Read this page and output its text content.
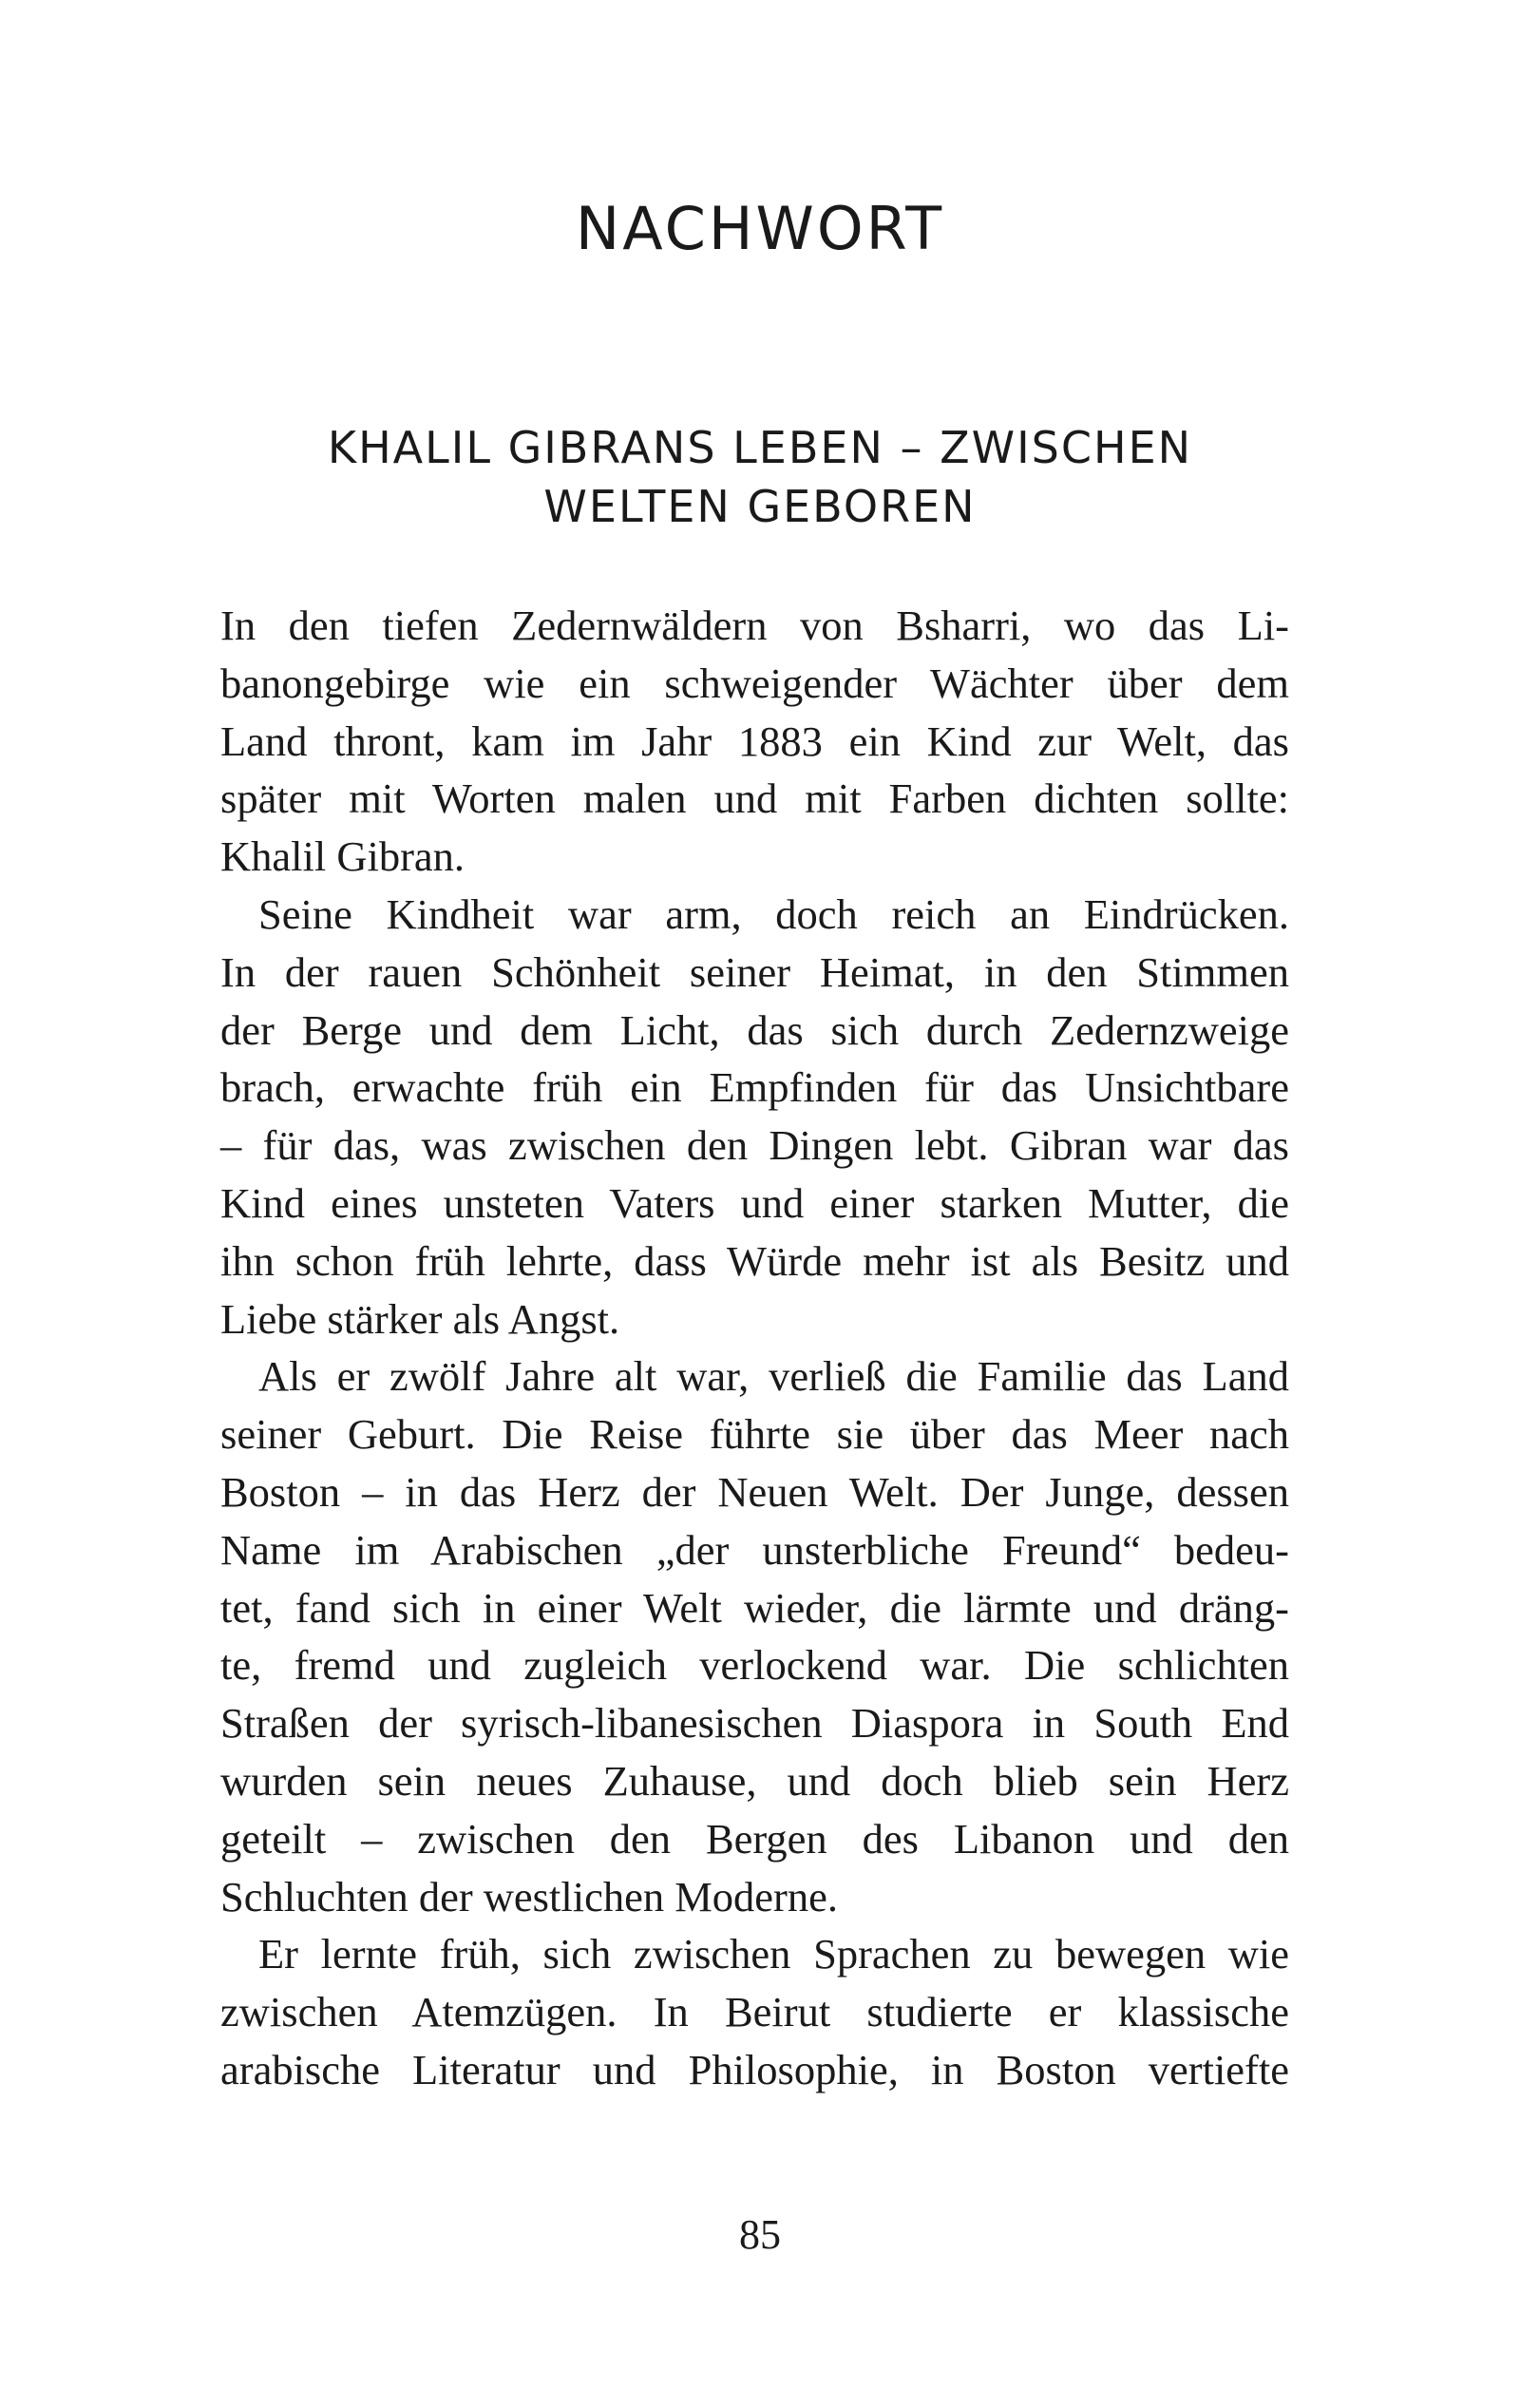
NACHWORT
KHALIL GIBRANS LEBEN – ZWISCHEN
WELTEN GEBOREN

In den tiefen Zedernwäldern von Bsharri, wo das Li-
banongebirge wie ein schweigender Wächter über dem
Land thront, kam im Jahr 1883 ein Kind zur Welt, das
später mit Worten malen und mit Farben dichten sollte:
Khalil Gibran.

Seine Kindheit war arm, doch reich an Eindrücken.
In der rauen Schönheit seiner Heimat, in den Stimmen
der Berge und dem Licht, das sich durch Zedernzweige
brach, erwachte früh ein Empfinden für das Unsichtbare
– für das, was zwischen den Dingen lebt. Gibran war das
Kind eines unsteten Vaters und einer starken Mutter, die
ihn schon früh lehrte, dass Würde mehr ist als Besitz und
Liebe stärker als Angst.

Als er zwölf Jahre alt war, verließ die Familie das Land
seiner Geburt. Die Reise führte sie über das Meer nach
Boston – in das Herz der Neuen Welt. Der Junge, dessen
Name im Arabischen „der unsterbliche Freund“ bedeu-
tet, fand sich in einer Welt wieder, die lärmte und dräng-
te, fremd und zugleich verlockend war. Die schlichten
Straßen der syrisch-libanesischen Diaspora in South End
wurden sein neues Zuhause, und doch blieb sein Herz
geteilt – zwischen den Bergen des Libanon und den
Schluchten der westlichen Moderne.

Er lernte früh, sich zwischen Sprachen zu bewegen wie
zwischen Atemzügen. In Beirut studierte er klassische
arabische Literatur und Philosophie, in Boston vertiefte

85
